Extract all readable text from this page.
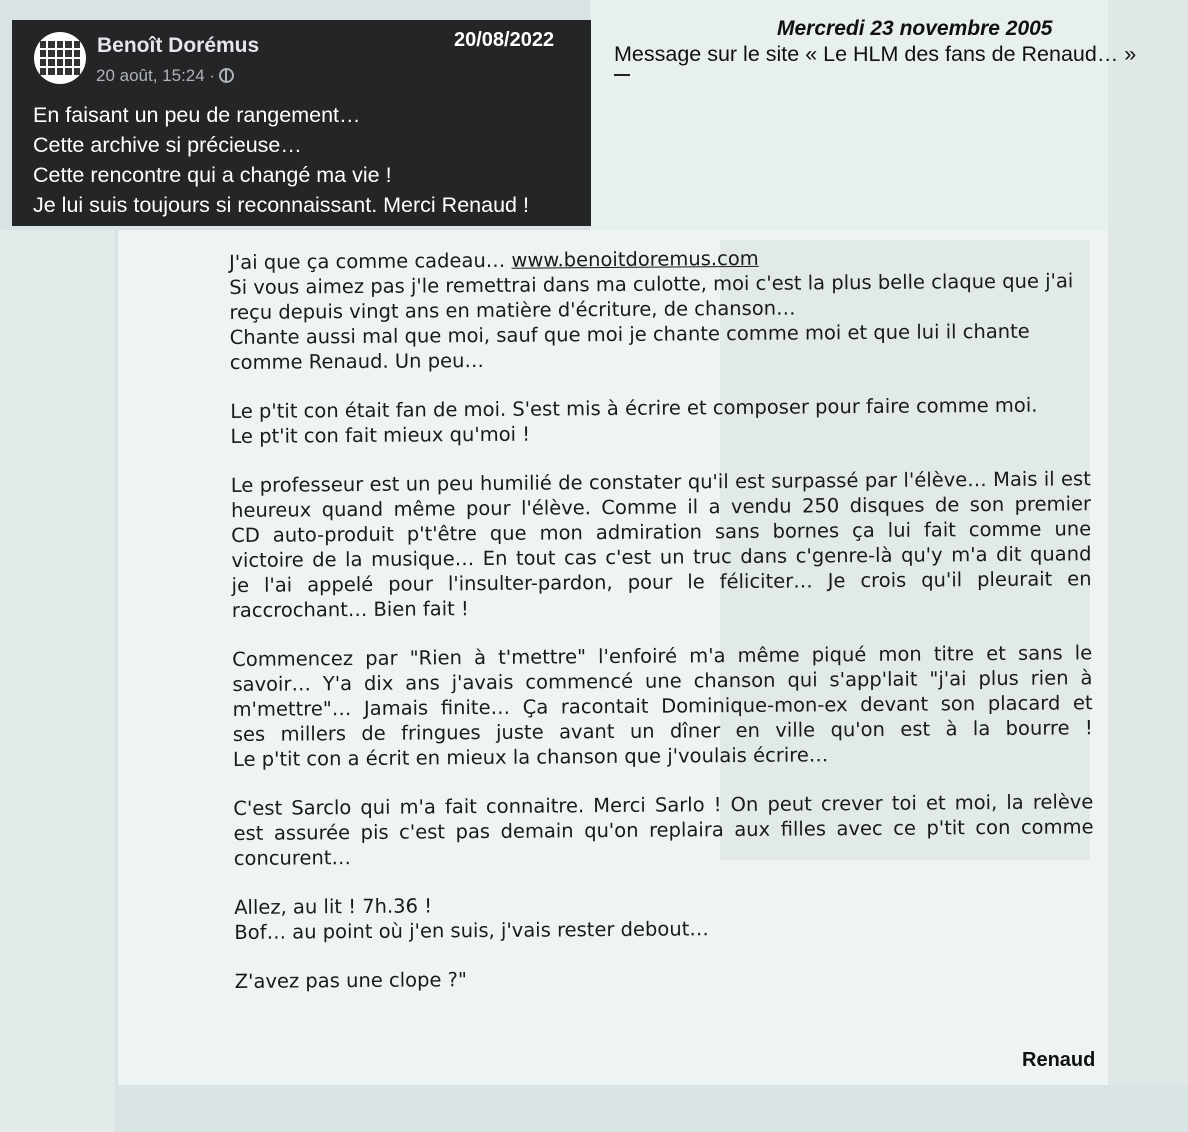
Benoît Dorémus
20 août, 15:24 ·
20/08/2022
En faisant un peu de rangement…
Cette archive si précieuse…
Cette rencontre qui a changé ma vie !
Je lui suis toujours si reconnaissant. Merci Renaud !
Mercredi 23 novembre 2005
Message sur le site « Le HLM des fans de Renaud… »
J'ai que ça comme cadeau… www.benoitdoremus.com
Si vous aimez pas j'le remettrai dans ma culotte, moi c'est la plus belle claque que j'ai
reçu depuis vingt ans en matière d'écriture, de chanson…
Chante aussi mal que moi, sauf que moi je chante comme moi et que lui il chante
comme Renaud. Un peu…
Le p'tit con était fan de moi. S'est mis à écrire et composer pour faire comme moi.
Le pt'it con fait mieux qu'moi !
Le professeur est un peu humilié de constater qu'il est surpassé par l'élève… Mais il est
heureux quand même pour l'élève. Comme il a vendu 250 disques de son premier
CD auto-produit p't'être que mon admiration sans bornes ça lui fait comme une
victoire de la musique… En tout cas c'est un truc dans c'genre-là qu'y m'a dit quand
je l'ai appelé pour l'insulter-pardon, pour le féliciter… Je crois qu'il pleurait en
raccrochant… Bien fait !
Commencez par "Rien à t'mettre" l'enfoiré m'a même piqué mon titre et sans le
savoir… Y'a dix ans j'avais commencé une chanson qui s'app'lait "j'ai plus rien à
m'mettre"… Jamais finite… Ça racontait Dominique-mon-ex devant son placard et
ses millers de fringues juste avant un dîner en ville qu'on est à la bourre !
Le p'tit con a écrit en mieux la chanson que j'voulais écrire…
C'est Sarclo qui m'a fait connaitre. Merci Sarlo ! On peut crever toi et moi, la relève
est assurée pis c'est pas demain qu'on replaira aux filles avec ce p'tit con comme
concurent…
Allez, au lit ! 7h.36 !
Bof… au point où j'en suis, j'vais rester debout…
Z'avez pas une clope ?"
Renaud
